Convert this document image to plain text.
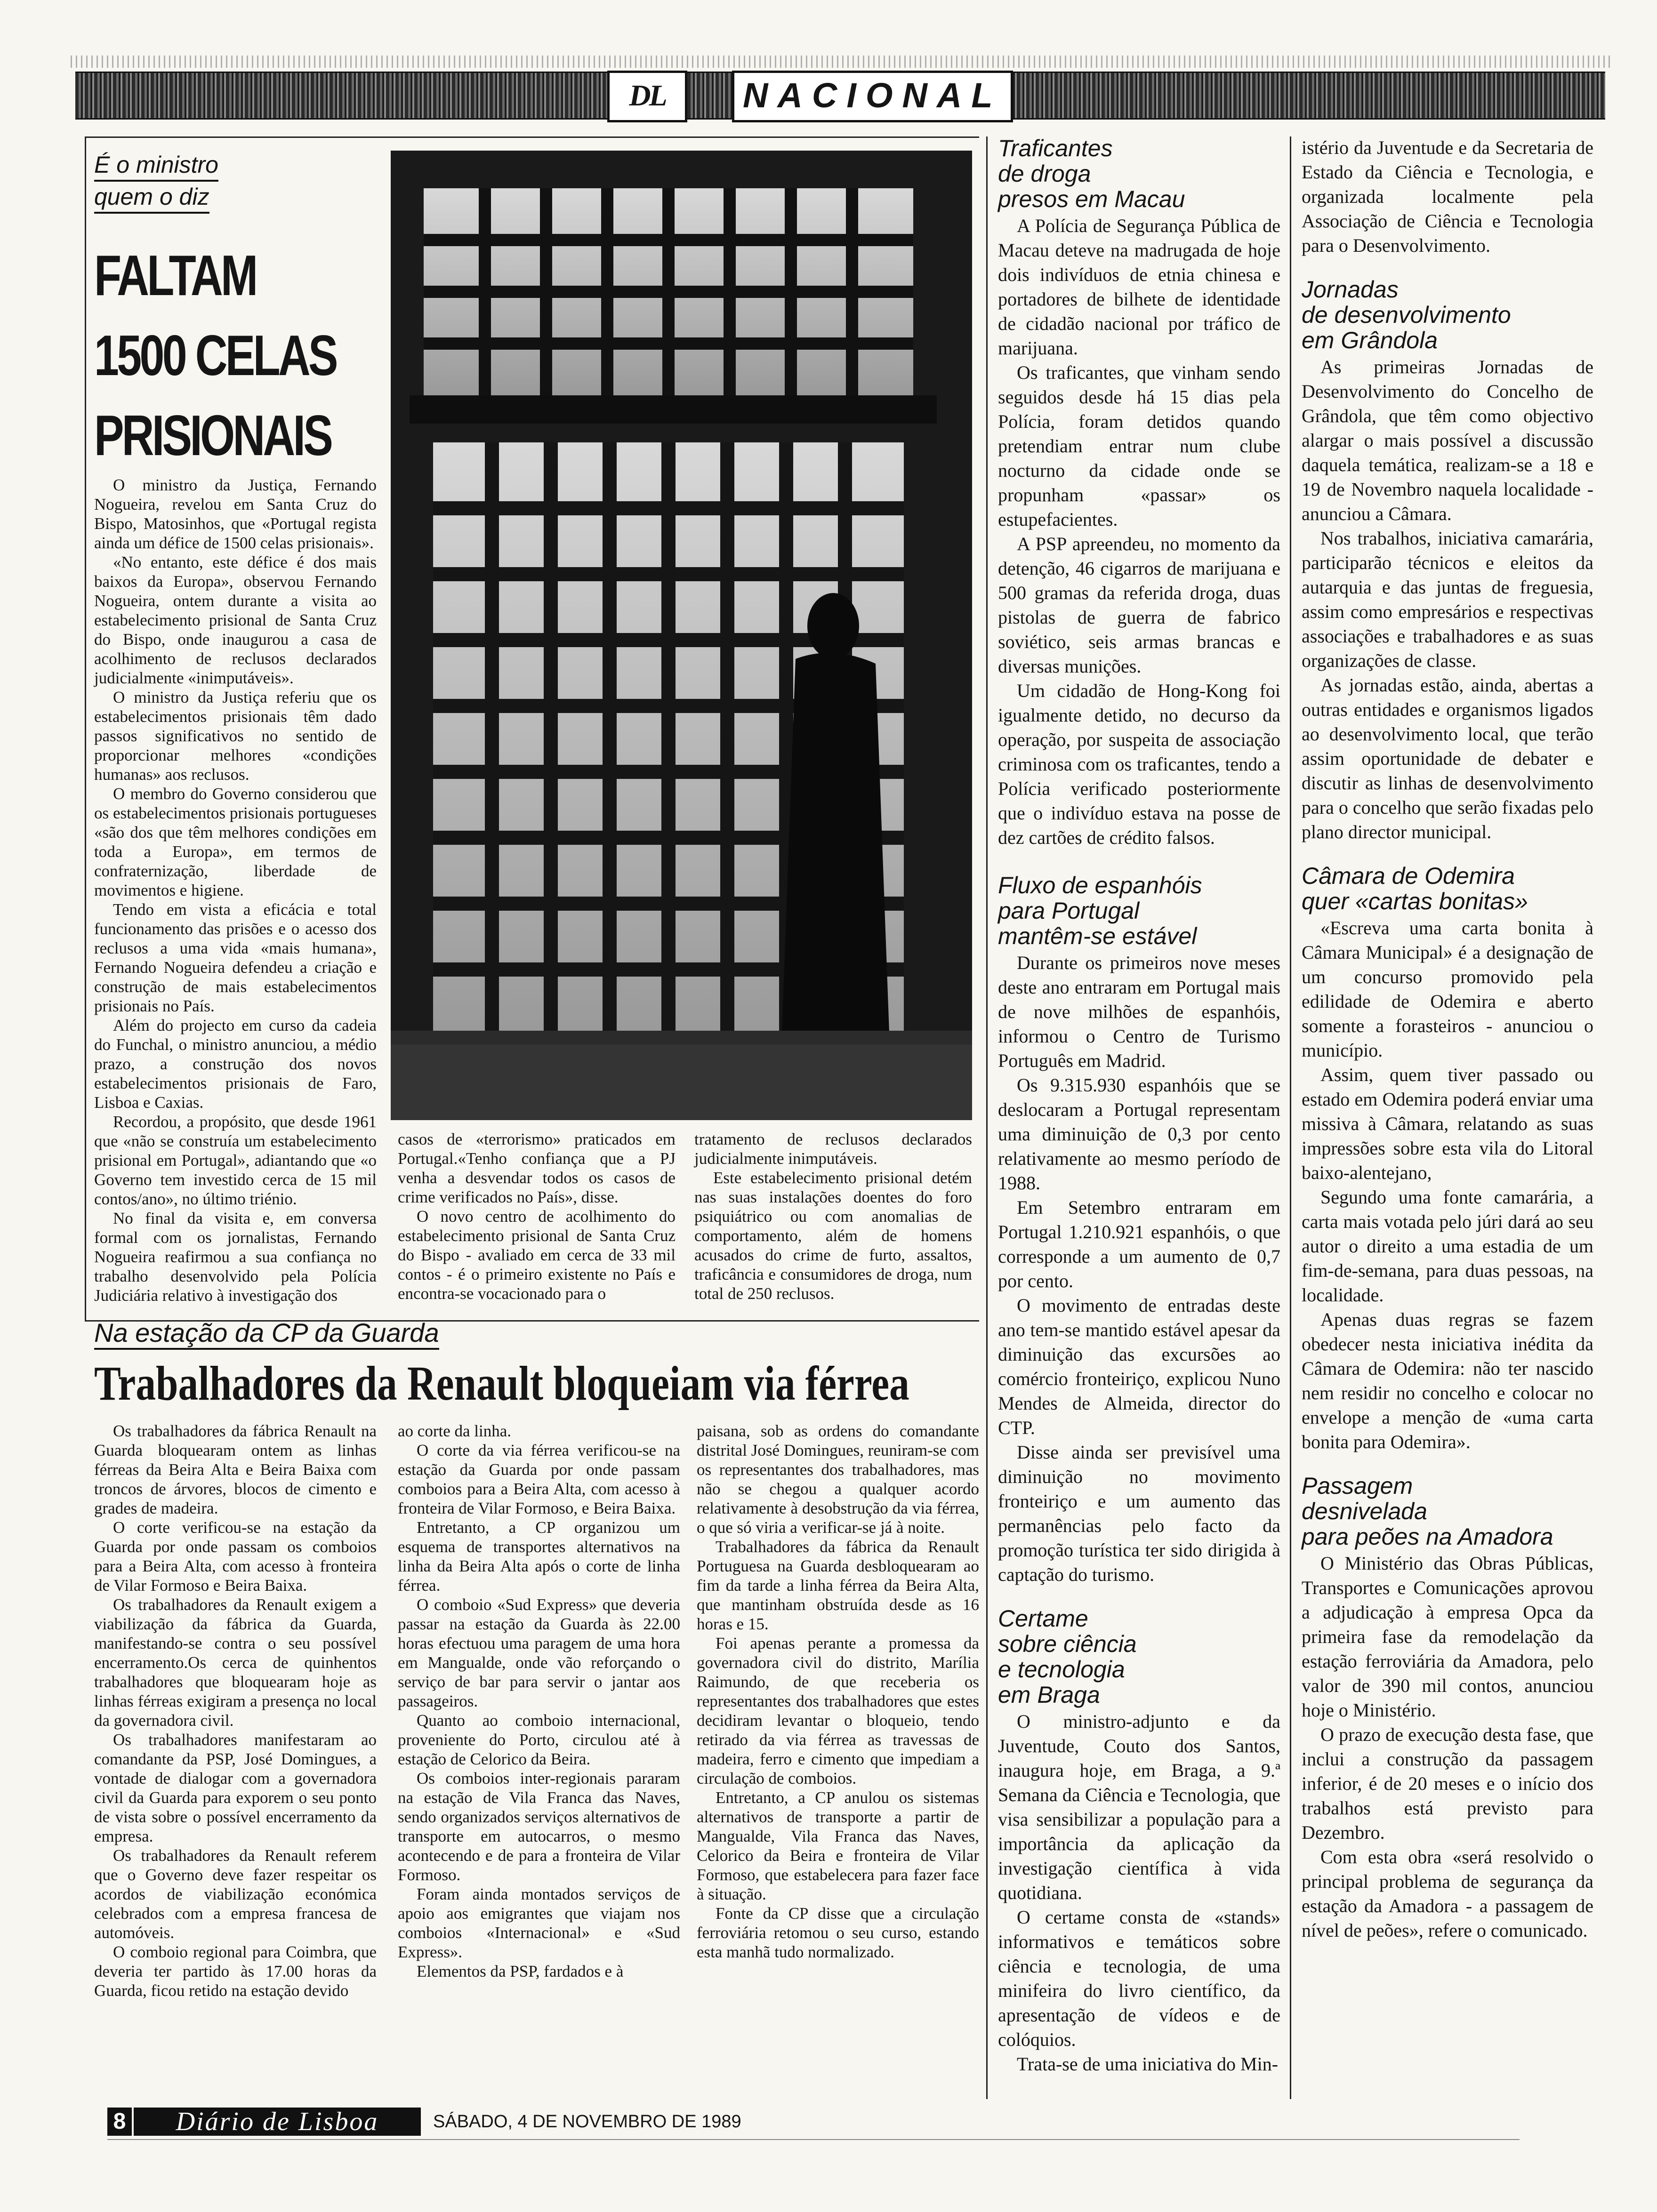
DL	NACIONAL
É o ministro
quem o diz
FALTAM
1500 CELAS
PRISIONAIS

O ministro da Justiça, Fernando Nogueira, revelou em Santa Cruz do Bispo, Matosinhos, que «Portugal regista ainda um défice de 1500 celas prisionais».

«No entanto, este défice é dos mais baixos da Europa», observou Fernando Nogueira, ontem durante a visita ao estabelecimento prisional de Santa Cruz do Bispo, onde inaugurou a casa de acolhimento de reclusos declarados judicialmente «inimputáveis».

O ministro da Justiça referiu que os estabelecimentos prisionais têm dado passos significativos no sentido de proporcionar melhores «condições humanas» aos reclusos.

O membro do Governo considerou que os estabelecimentos prisionais portugueses «são dos que têm melhores condições em toda a Europa», em termos de confraternização, liberdade de movimentos e higiene.

Tendo em vista a eficácia e total funcionamento das prisões e o acesso dos reclusos a uma vida «mais humana», Fernando Nogueira defendeu a criação e construção de mais estabelecimentos prisionais no País.

Além do projecto em curso da cadeia do Funchal, o ministro anunciou, a médio prazo, a construção dos novos estabelecimentos prisionais de Faro, Lisboa e Caxias.

Recordou, a propósito, que desde 1961 que «não se construía um estabelecimento prisional em Portugal», adiantando que «o Governo tem investido cerca de 15 mil contos/ano», no último triénio.

No final da visita e, em conversa formal com os jornalistas, Fernando Nogueira reafirmou a sua confiança no trabalho desenvolvido pela Polícia Judiciária relativo à investigação dos

casos de «terrorismo» praticados em Portugal.«Tenho confiança que a PJ venha a desvendar todos os casos de crime verificados no País», disse.

O novo centro de acolhimento do estabelecimento prisional de Santa Cruz do Bispo - avaliado em cerca de 33 mil contos - é o primeiro existente no País e encontra-se vocacionado para o

tratamento de reclusos declarados judicialmente inimputáveis.

Este estabelecimento prisional detém nas suas instalações doentes do foro psiquiátrico ou com anomalias de comportamento, além de homens acusados do crime de furto, assaltos, traficância e consumidores de droga, num total de 250 reclusos.

Na estação da CP da Guarda
Trabalhadores da Renault bloqueiam via férrea

Os trabalhadores da fábrica Renault na Guarda bloquearam ontem as linhas férreas da Beira Alta e Beira Baixa com troncos de árvores, blocos de cimento e grades de madeira.

O corte verificou-se na estação da Guarda por onde passam os comboios para a Beira Alta, com acesso à fronteira de Vilar Formoso e Beira Baixa.

Os trabalhadores da Renault exigem a viabilização da fábrica da Guarda, manifestando-se contra o seu possível encerramento.Os cerca de quinhentos trabalhadores que bloquearam hoje as linhas férreas exigiram a presença no local da governadora civil.

Os trabalhadores manifestaram ao comandante da PSP, José Domingues, a vontade de dialogar com a governadora civil da Guarda para exporem o seu ponto de vista sobre o possível encerramento da empresa.

Os trabalhadores da Renault referem que o Governo deve fazer respeitar os acordos de viabilização económica celebrados com a empresa francesa de automóveis.

O comboio regional para Coimbra, que deveria ter partido às 17.00 horas da Guarda, ficou retido na estação devido

ao corte da linha.

O corte da via férrea verificou-se na estação da Guarda por onde passam comboios para a Beira Alta, com acesso à fronteira de Vilar Formoso, e Beira Baixa.

Entretanto, a CP organizou um esquema de transportes alternativos na linha da Beira Alta após o corte de linha férrea.

O comboio «Sud Express» que deveria passar na estação da Guarda às 22.00 horas efectuou uma paragem de uma hora em Mangualde, onde vão reforçando o serviço de bar para servir o jantar aos passageiros.

Quanto ao comboio internacional, proveniente do Porto, circulou até à estação de Celorico da Beira.

Os comboios inter-regionais pararam na estação de Vila Franca das Naves, sendo organizados serviços alternativos de transporte em autocarros, o mesmo acontecendo e de para a fronteira de Vilar Formoso.

Foram ainda montados serviços de apoio aos emigrantes que viajam nos comboios «Internacional» e «Sud Express».

Elementos da PSP, fardados e à

paisana, sob as ordens do comandante distrital José Domingues, reuniram-se com os representantes dos trabalhadores, mas não se chegou a qualquer acordo relativamente à desobstrução da via férrea, o que só viria a verificar-se já à noite.

Trabalhadores da fábrica da Renault Portuguesa na Guarda desbloquearam ao fim da tarde a linha férrea da Beira Alta, que mantinham obstruída desde as 16 horas e 15.

Foi apenas perante a promessa da governadora civil do distrito, Marília Raimundo, de que receberia os representantes dos trabalhadores que estes decidiram levantar o bloqueio, tendo retirado da via férrea as travessas de madeira, ferro e cimento que impediam a circulação de comboios.

Entretanto, a CP anulou os sistemas alternativos de transporte a partir de Mangualde, Vila Franca das Naves, Celorico da Beira e fronteira de Vilar Formoso, que estabelecera para fazer face à situação.

Fonte da CP disse que a circulação ferroviária retomou o seu curso, estando esta manhã tudo normalizado.

Traficantes

de droga

presos em Macau

A Polícia de Segurança Pública de Macau deteve na madrugada de hoje dois indivíduos de etnia chinesa e portadores de bilhete de identidade de cidadão nacional por tráfico de marijuana.

Os traficantes, que vinham sendo seguidos desde há 15 dias pela Polícia, foram detidos quando pretendiam entrar num clube nocturno da cidade onde se propunham «passar» os estupefacientes.

A PSP apreendeu, no momento da detenção, 46 cigarros de marijuana e 500 gramas da referida droga, duas pistolas de guerra de fabrico soviético, seis armas brancas e diversas munições.

Um cidadão de Hong-Kong foi igualmente detido, no decurso da operação, por suspeita de associação criminosa com os traficantes, tendo a Polícia verificado posteriormente que o indivíduo estava na posse de dez cartões de crédito falsos.

Fluxo de espanhóis

para Portugal

mantêm-se estável

Durante os primeiros nove meses deste ano entraram em Portugal mais de nove milhões de espanhóis, informou o Centro de Turismo Português em Madrid.

Os 9.315.930 espanhóis que se deslocaram a Portugal representam uma diminuição de 0,3 por cento relativamente ao mesmo período de 1988.

Em Setembro entraram em Portugal 1.210.921 espanhóis, o que corresponde a um aumento de 0,7 por cento.

O movimento de entradas deste ano tem-se mantido estável apesar da diminuição das excursões ao comércio fronteiriço, explicou Nuno Mendes de Almeida, director do CTP.

Disse ainda ser previsível uma diminuição no movimento fronteiriço e um aumento das permanências pelo facto da promoção turística ter sido dirigida à captação do turismo.

Certame

sobre ciência

e tecnologia

em Braga

O ministro-adjunto e da Juventude, Couto dos Santos, inaugura hoje, em Braga, a 9.ª Semana da Ciência e Tecnologia, que visa sensibilizar a população para a importância da aplicação da investigação científica à vida quotidiana.

O certame consta de «stands» informativos e temáticos sobre ciência e tecnologia, de uma minifeira do livro científico, da apresentação de vídeos e de colóquios.

Trata-se de uma iniciativa do Min-

istério da Juventude e da Secretaria de Estado da Ciência e Tecnologia, e organizada localmente pela Associação de Ciência e Tecnologia para o Desenvolvimento.

Jornadas

de desenvolvimento

em Grândola

As primeiras Jornadas de Desenvolvimento do Concelho de Grândola, que têm como objectivo alargar o mais possível a discussão daquela temática, realizam-se a 18 e 19 de Novembro naquela localidade - anunciou a Câmara.

Nos trabalhos, iniciativa camarária, participarão técnicos e eleitos da autarquia e das juntas de freguesia, assim como empresários e respectivas associações e trabalhadores e as suas organizações de classe.

As jornadas estão, ainda, abertas a outras entidades e organismos ligados ao desenvolvimento local, que terão assim oportunidade de debater e discutir as linhas de desenvolvimento para o concelho que serão fixadas pelo plano director municipal.

Câmara de Odemira

quer «cartas bonitas»

«Escreva uma carta bonita à Câmara Municipal» é a designação de um concurso promovido pela edilidade de Odemira e aberto somente a forasteiros - anunciou o município.

Assim, quem tiver passado ou estado em Odemira poderá enviar uma missiva à Câmara, relatando as suas impressões sobre esta vila do Litoral baixo-alentejano,

Segundo uma fonte camarária, a carta mais votada pelo júri dará ao seu autor o direito a uma estadia de um fim-de-semana, para duas pessoas, na localidade.

Apenas duas regras se fazem obedecer nesta iniciativa inédita da Câmara de Odemira: não ter nascido nem residir no concelho e colocar no envelope a menção de «uma carta bonita para Odemira».

Passagem

desnivelada

para peões na Amadora

O Ministério das Obras Públicas, Transportes e Comunicações aprovou a adjudicação à empresa Opca da primeira fase da remodelação da estação ferroviária da Amadora, pelo valor de 390 mil contos, anunciou hoje o Ministério.

O prazo de execução desta fase, que inclui a construção da passagem inferior, é de 20 meses e o início dos trabalhos está previsto para Dezembro.

Com esta obra «será resolvido o principal problema de segurança da estação da Amadora - a passagem de nível de peões», refere o comunicado.

8	Diário de Lisboa	SÁBADO, 4 DE NOVEMBRO DE 1989
